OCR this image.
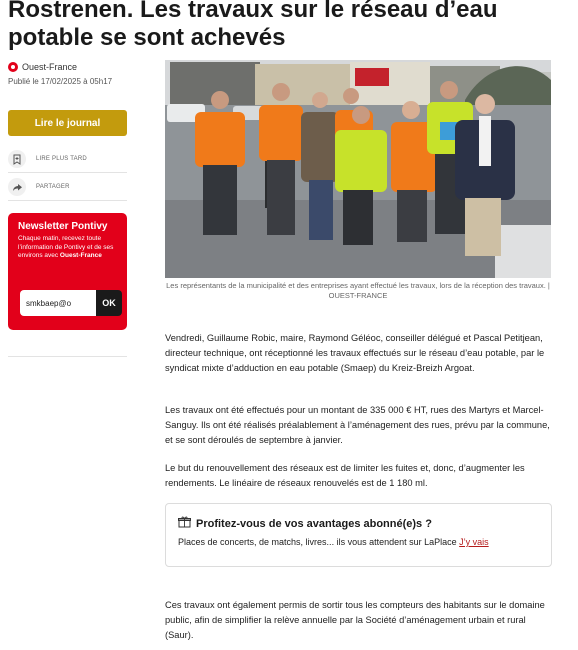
Rostrenen. Les travaux sur le réseau d’eau potable se sont achevés
Ouest-France
Publié le 17/02/2025 à 05h17
Lire le journal
LIRE PLUS TARD
PARTAGER
Newsletter Pontivy
Chaque matin, recevez toute l’information de Pontivy et de ses environs avec Ouest-France
smkbaep@o
OK
Les représentants de la municipalité et des entreprises ayant effectué les travaux, lors de la réception des travaux. | OUEST-FRANCE

Vendredi, Guillaume Robic, maire, Raymond Géléoc, conseiller délégué et Pascal Petitjean, directeur technique, ont réceptionné les travaux effectués sur le réseau d’eau potable, par le syndicat mixte d’adduction en eau potable (Smaep) du Kreiz-Breizh Argoat.

Les travaux ont été effectués pour un montant de 335 000 € HT, rues des Martyrs et Marcel-Sanguy. Ils ont été réalisés préalablement à l’aménagement des rues, prévu par la commune, et se sont déroulés de septembre à janvier.

Le but du renouvellement des réseaux est de limiter les fuites et, donc, d’augmenter les rendements. Le linéaire de réseaux renouvelés est de 1 180 ml.

Profitez-vous de vos avantages abonné(e)s ?
Places de concerts, de matchs, livres... ils vous attendent sur LaPlace J’y vais

Ces travaux ont également permis de sortir tous les compteurs des habitants sur le domaine public, afin de simplifier la relève annuelle par la Société d’aménagement urbain et rural (Saur).
